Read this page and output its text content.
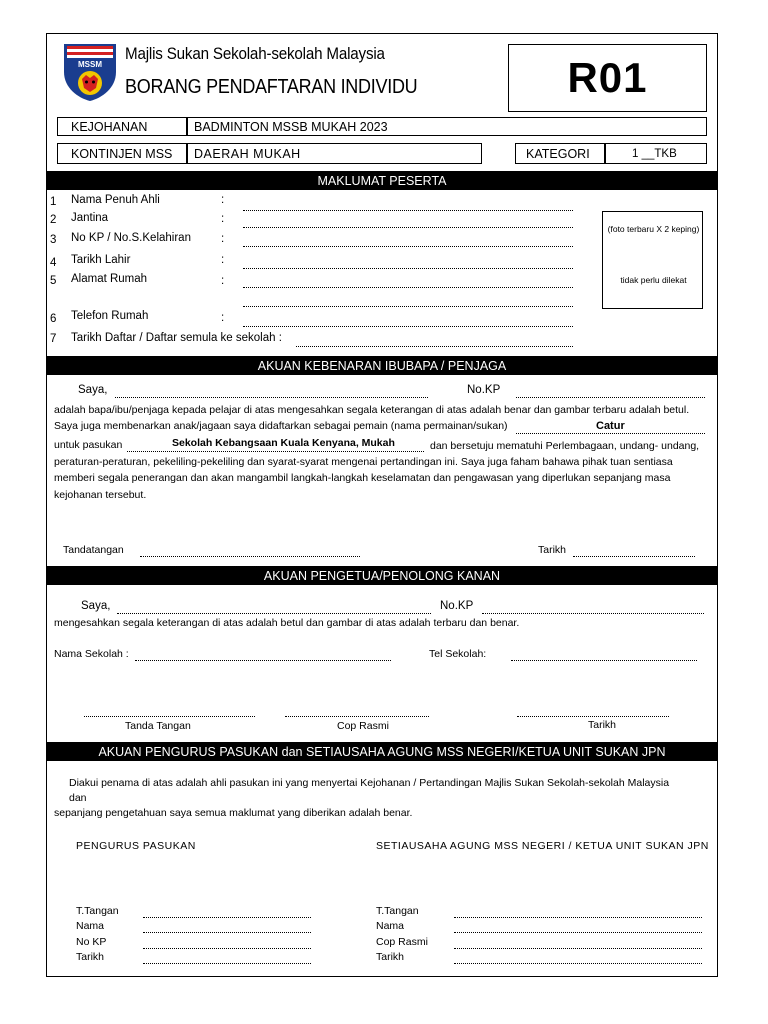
MSSM
Majlis Sukan Sekolah-sekolah Malaysia
BORANG PENDAFTARAN INDIVIDU	R01
KEJOHANAN	BADMINTON MSSB MUKAH 2023
KONTINJEN MSS	DAERAH MUKAH	KATEGORI	1 __TKB
MAKLUMAT PESERTA
1 Nama Penuh Ahli	:
2 Jantina	:
3 No KP / No.S.Kelahiran	:
4 Tarikh Lahir	:
5 Alamat Rumah	:
6 Telefon Rumah	:
7 Tarikh Daftar / Daftar semula ke sekolah :
(foto terbaru X 2 keping)
tidak perlu dilekat
AKUAN KEBENARAN IBUBAPA / PENJAGA
Saya,	No.KP
adalah bapa/ibu/penjaga kepada pelajar di atas mengesahkan segala keterangan di atas adalah benar dan gambar terbaru adalah betul.
Saya juga membenarkan anak/jagaan saya didaftarkan sebagai pemain (nama permainan/sukan)	Catur
untuk pasukan	Sekolah Kebangsaan Kuala Kenyana, Mukah	dan bersetuju mematuhi Perlembagaan, undang- undang,
peraturan-peraturan, pekeliling-pekeliling dan syarat-syarat mengenai pertandingan ini. Saya juga faham bahawa pihak tuan sentiasa
memberi segala penerangan dan akan mangambil langkah-langkah keselamatan dan pengawasan yang diperlukan sepanjang masa
kejohanan tersebut.
Tandatangan	Tarikh
AKUAN PENGETUA/PENOLONG KANAN
Saya,	No.KP
mengesahkan segala keterangan di atas adalah betul dan gambar di atas adalah terbaru dan benar.
Nama Sekolah :	Tel Sekolah:
Tanda Tangan	Cop Rasmi	Tarikh
AKUAN PENGURUS PASUKAN dan SETIAUSAHA AGUNG MSS NEGERI/KETUA UNIT SUKAN JPN
Diakui penama di atas adalah ahli pasukan ini yang menyertai Kejohanan / Pertandingan Majlis Sukan Sekolah-sekolah Malaysia
dan
sepanjang pengetahuan saya semua maklumat yang diberikan adalah benar.
PENGURUS PASUKAN	SETIAUSAHA AGUNG MSS NEGERI / KETUA UNIT SUKAN JPN
T.Tangan
Nama
No KP
Tarikh
T.Tangan
Nama
Cop Rasmi
Tarikh
